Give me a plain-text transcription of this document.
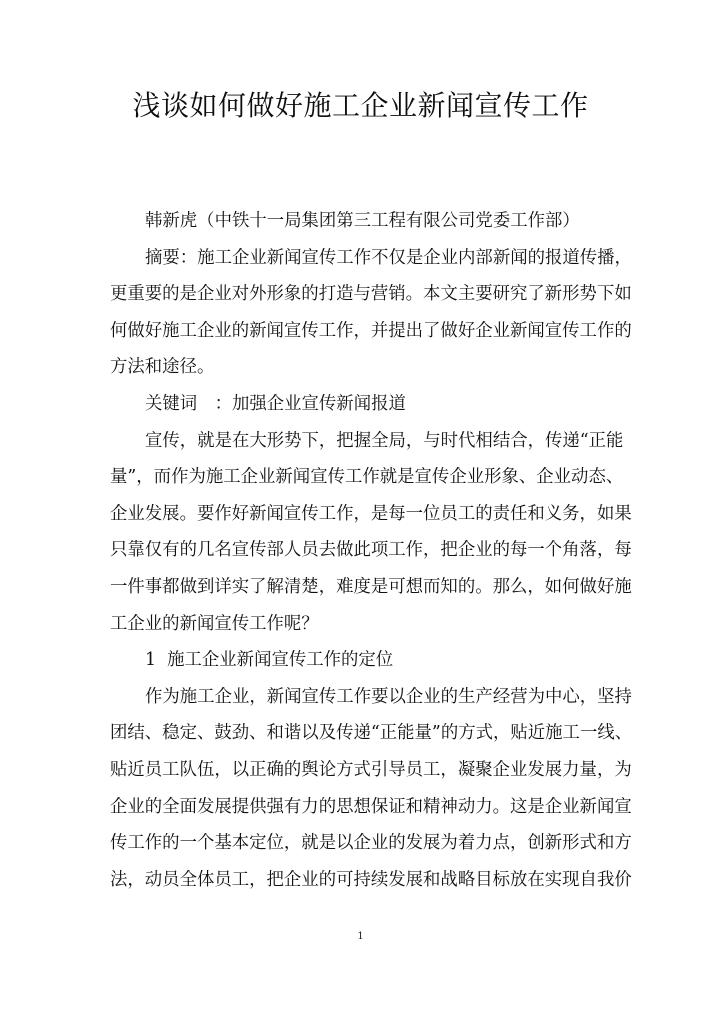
浅谈如何做好施工企业新闻宣传工作
韩新虎（中铁十一局集团第三工程有限公司党委工作部）
摘要：施工企业新闻宣传工作不仅是企业内部新闻的报道传播，
更重要的是企业对外形象的打造与营销。本文主要研究了新形势下如
何做好施工企业的新闻宣传工作，并提出了做好企业新闻宣传工作的
方法和途径。
关键词　：加强企业宣传新闻报道
宣传，就是在大形势下，把握全局，与时代相结合，传递“正能
量”，而作为施工企业新闻宣传工作就是宣传企业形象、企业动态、
企业发展。要作好新闻宣传工作，是每一位员工的责任和义务，如果
只靠仅有的几名宣传部人员去做此项工作，把企业的每一个角落，每
一件事都做到详实了解清楚，难度是可想而知的。那么，如何做好施
工企业的新闻宣传工作呢？
1  施工企业新闻宣传工作的定位
作为施工企业，新闻宣传工作要以企业的生产经营为中心，坚持
团结、稳定、鼓劲、和谐以及传递“正能量”的方式，贴近施工一线、
贴近员工队伍，以正确的舆论方式引导员工，凝聚企业发展力量，为
企业的全面发展提供强有力的思想保证和精神动力。这是企业新闻宣
传工作的一个基本定位，就是以企业的发展为着力点，创新形式和方
法，动员全体员工，把企业的可持续发展和战略目标放在实现自我价
1
